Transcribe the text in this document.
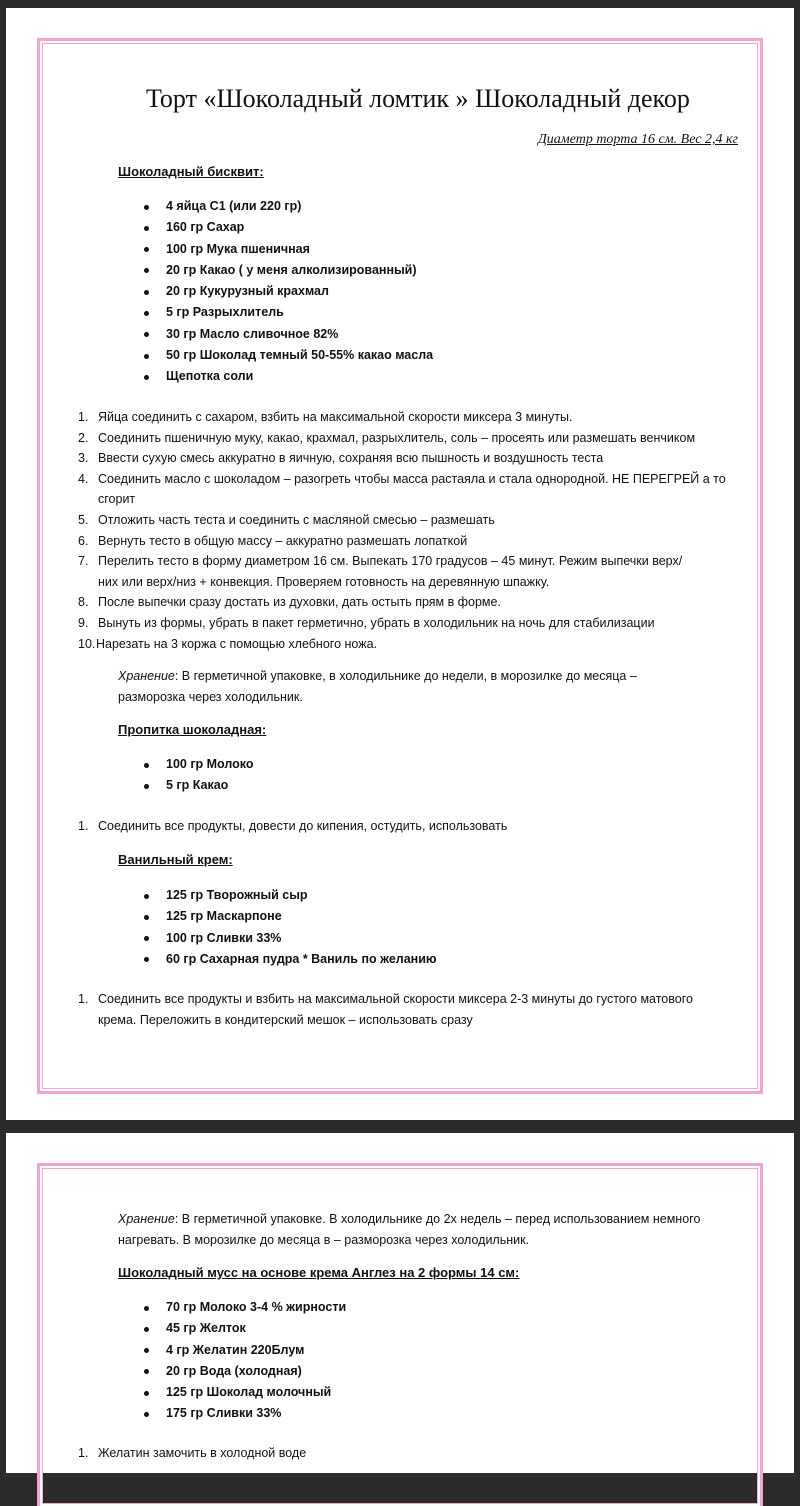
Торт «Шоколадный ломтик » Шоколадный декор
Диаметр торта 16 см. Вес 2,4 кг
Шоколадный бисквит:
4 яйца С1 (или 220 гр)
160 гр Сахар
100 гр Мука пшеничная
20 гр Какао ( у меня алколизированный)
20 гр Кукурузный крахмал
5 гр Разрыхлитель
30 гр Масло сливочное 82%
50 гр Шоколад темный 50-55% какао масла
Щепотка соли
1. Яйца соединить с сахаром, взбить на максимальной скорости миксера 3 минуты.
2. Соединить пшеничную муку, какао, крахмал, разрыхлитель, соль – просеять или размешать венчиком
3. Ввести сухую смесь аккуратно в яичную, сохраняя всю пышность и воздушность теста
4. Соединить масло с шоколадом – разогреть чтобы масса растаяла и стала однородной. НЕ ПЕРЕГРЕЙ а то сгорит
5. Отложить часть теста и соединить с масляной смесью – размешать
6. Вернуть тесто в общую массу – аккуратно размешать лопаткой
7. Перелить тесто в форму диаметром 16 см. Выпекать 170 градусов – 45 минут. Режим выпечки верх/них или верх/низ + конвекция. Проверяем готовность на деревянную шпажку.
8. После выпечки сразу достать из духовки, дать остыть прям в форме.
9. Вынуть из формы, убрать в пакет герметично, убрать в холодильник на ночь для стабилизации
10. Нарезать на 3 коржа с помощью хлебного ножа.
Хранение: В герметичной упаковке, в холодильнике до недели, в морозилке до месяца – разморозка через холодильник.
Пропитка шоколадная:
100 гр Молоко
5 гр Какао
1. Соединить все продукты, довести до кипения, остудить, использовать
Ванильный крем:
125 гр Творожный сыр
125 гр Маскарпоне
100 гр Сливки 33%
60 гр Сахарная пудра * Ваниль по желанию
1. Соединить все продукты и взбить на максимальной скорости миксера 2-3 минуты до густого матового крема. Переложить в кондитерский мешок – использовать сразу
Хранение: В герметичной упаковке. В холодильнике до 2х недель – перед использованием немного нагревать. В морозилке до месяца в – разморозка через холодильник.
Шоколадный мусс на основе крема Англез на 2 формы 14 см:
70 гр Молоко 3-4 % жирности
45 гр Желток
4 гр Желатин 220Блум
20 гр Вода (холодная)
125 гр Шоколад молочный
175 гр Сливки 33%
1. Желатин замочить в холодной воде
